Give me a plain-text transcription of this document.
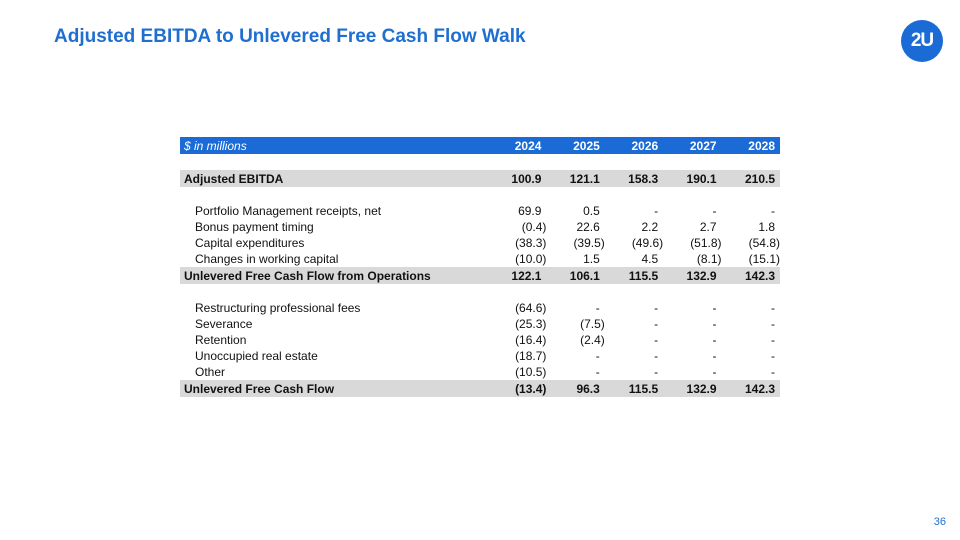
Adjusted EBITDA to Unlevered Free Cash Flow Walk	2U
$ in millions	2024	2025	2026	2027	2028

Adjusted EBITDA	100.9	121.1	158.3	190.1	210.5

Portfolio Management receipts, net	69.9	0.5	-	-	-
Bonus payment timing	(0.4)	22.6	2.2	2.7	1.8
Capital expenditures	(38.3)	(39.5)	(49.6)	(51.8)	(54.8)
Changes in working capital	(10.0)	1.5	4.5	(8.1)	(15.1)
Unlevered Free Cash Flow from Operations	122.1	106.1	115.5	132.9	142.3

Restructuring professional fees	(64.6)	-	-	-	-
Severance	(25.3)	(7.5)	-	-	-
Retention	(16.4)	(2.4)	-	-	-
Unoccupied real estate	(18.7)	-	-	-	-
Other	(10.5)	-	-	-	-
Unlevered Free Cash Flow	(13.4)	96.3	115.5	132.9	142.3
36
